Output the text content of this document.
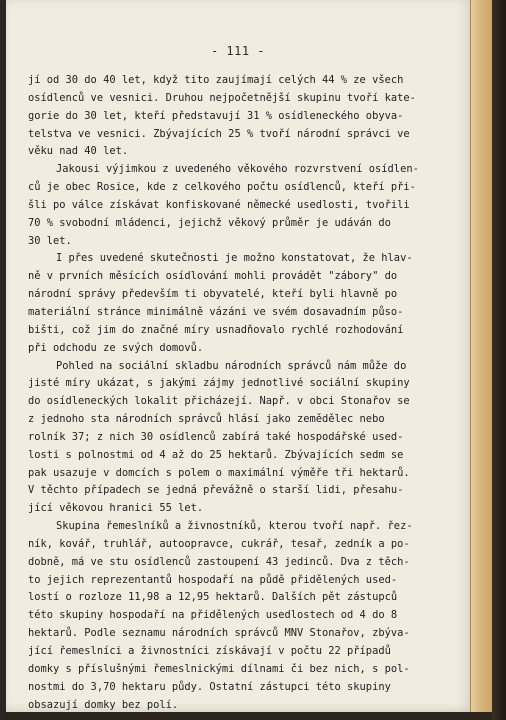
- 111 -
jí od 30 do 40 let, když tito zaujímají celých 44 % ze všech
osídlenců ve vesnici. Druhou nejpočetnější skupinu tvoří kate-
gorie do 30 let, kteří představují 31 % osídleneckého obyva-
telstva ve vesnici. Zbývajících 25 % tvoří národní správci ve
věku nad 40 let.
Jakousi výjimkou z uvedeného věkového rozvrstvení osídlen-
ců je obec Rosice, kde z celkového počtu osídlenců, kteří při-
šli po válce získávat konfiskované německé usedlosti, tvořili
70 % svobodní mládenci, jejichž věkový průměr je udáván do
30 let.
I přes uvedené skutečnosti je možno konstatovat, že hlav-
ně v prvních měsících osídlování mohli provádět "zábory" do
národní správy především ti obyvatelé, kteří byli hlavně po
materiální stránce minimálně vázáni ve svém dosavadním půso-
bišti, což jim do značné míry usnadňovalo rychlé rozhodování
při odchodu ze svých domovů.
Pohled na sociální skladbu národních správců nám může do
jisté míry ukázat, s jakými zájmy jednotlivé sociální skupiny
do osídleneckých lokalit přicházejí. Např. v obci Stonařov se
z jednoho sta národních správců hlásí jako zemědělec nebo
rolník 37; z nich 30 osídlenců zabírá také hospodářské used-
losti s polnostmi od 4 až do 25 hektarů. Zbývajících sedm se
pak usazuje v domcích s polem o maximální výměře tři hektarů.
V těchto případech se jedná převážně o starší lidi, přesahu-
jící věkovou hranici 55 let.
Skupina řemeslníků a živnostníků, kterou tvoří např. řez-
ník, kovář, truhlář, autoopravce, cukrář, tesař, zedník a po-
dobně, má ve stu osídlenců zastoupení 43 jedinců. Dva z těch-
to jejich reprezentantů hospodaří na půdě přidělených used-
lostí o rozloze 11,98 a 12,95 hektarů. Dalších pět zástupců
této skupiny hospodaří na přidělených usedlostech od 4 do 8
hektarů. Podle seznamu národních správců MNV Stonařov, zbýva-
jící řemeslníci a živnostníci získávají v počtu 22 případů
domky s příslušnými řemeslnickými dílnami či bez nich, s pol-
nostmi do 3,70 hektaru půdy. Ostatní zástupci této skupiny
obsazují domky bez polí.
